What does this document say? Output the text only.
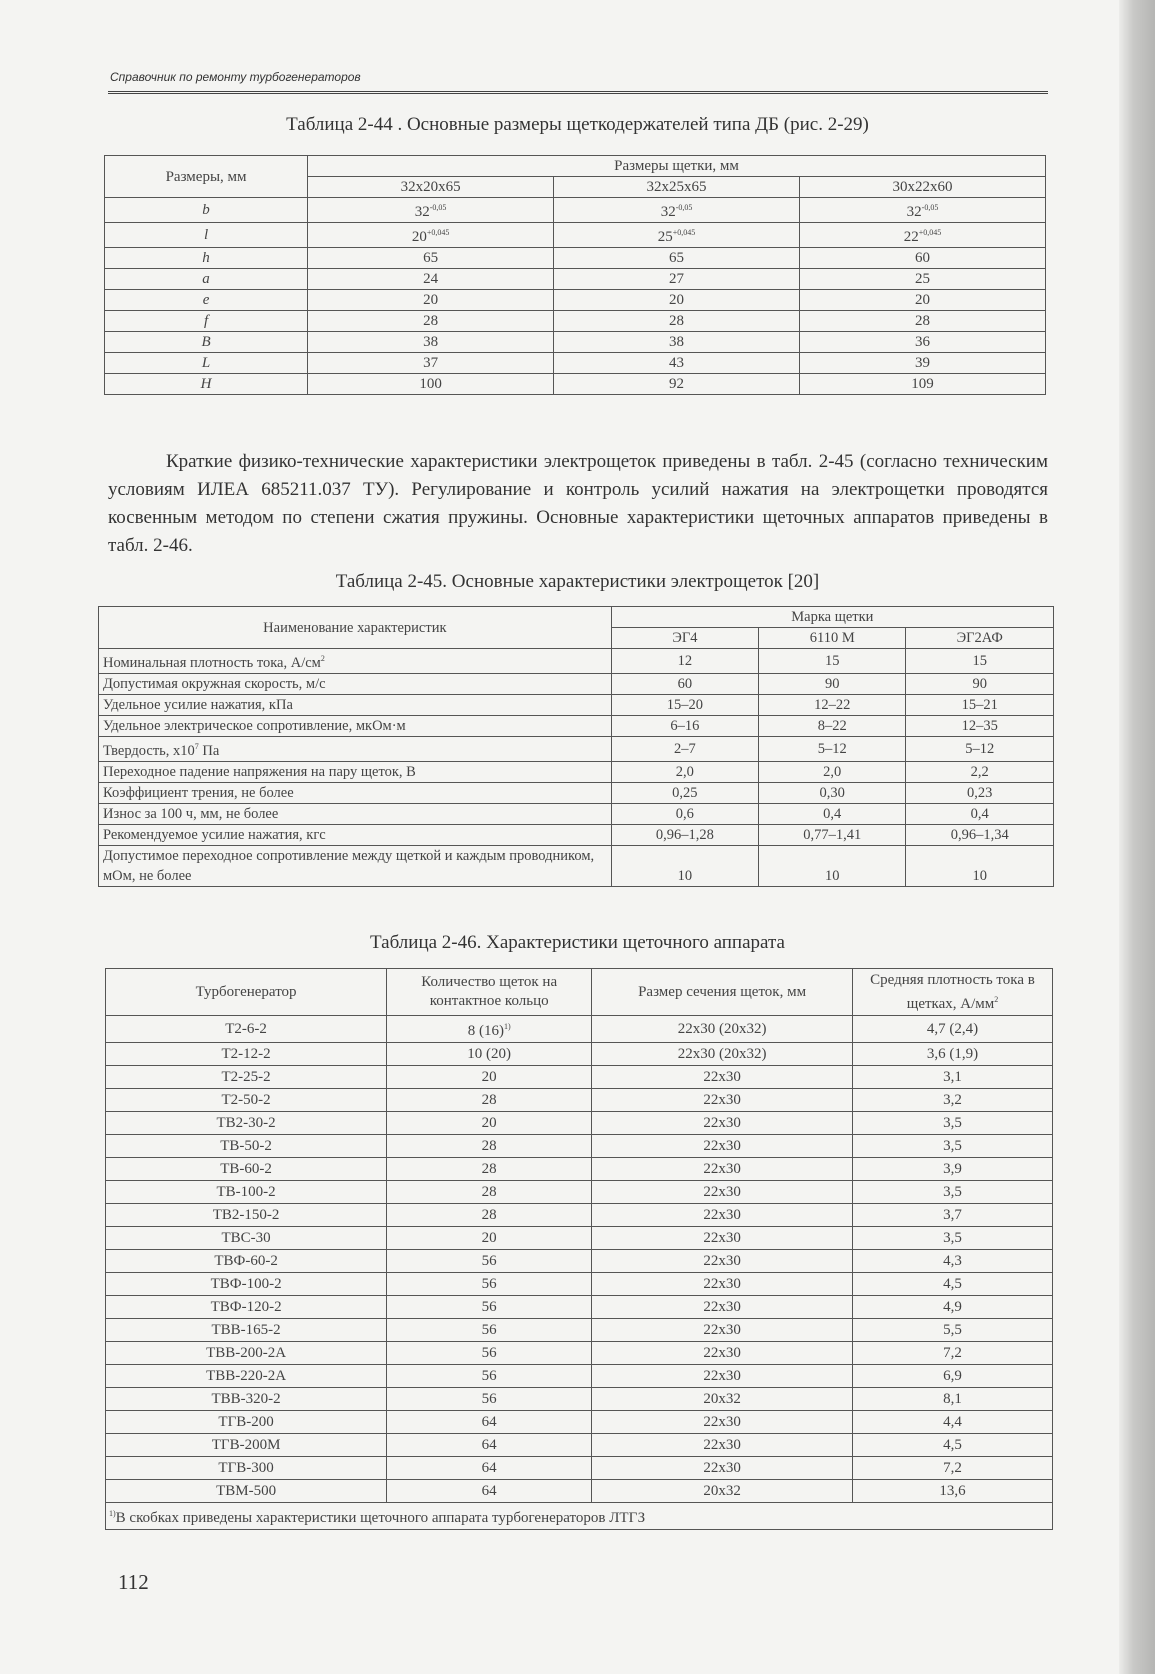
Справочник по ремонту турбогенераторов
Таблица 2-44 . Основные размеры щеткодержателей типа ДБ (рис. 2-29)
Размеры, мм	Размеры щетки, мм		
	32x20x65	32x25x65	30x22x60
b	$32^{-0,05}$	$32^{-0,05}$	$32^{-0,05}$
l	$20^{+0,045}$	$25^{+0,045}$	$22^{+0,045}$
h	65	65	60
a	24	27	25
e	20	20	20
f	28	28	28
B	38	38	36
L	37	43	39
H	100	92	109

Краткие физико-технические характеристики электрощеток приведены в табл. 2-45 (согласно техническим условиям ИЛЕА 685211.037 ТУ). Регулирование и контроль усилий нажатия на электрощетки проводятся косвенным методом по степени сжатия пружины. Основные характеристики щеточных аппаратов приведены в табл. 2-46.

Таблица 2-45. Основные характеристики электрощеток [20]
Наименование характеристик	Марка щетки		
	ЭГ4	6110 М	ЭГ2АФ
Номинальная плотность тока, $А/см^2$	12	15	15
Допустимая окружная скорость, м/с	60	90	90
Удельное усилие нажатия, кПа	15–20	12–22	15–21
Удельное электрическое сопротивление, мкОм·м	6–16	8–22	12–35
Твердость, $х10^7$ Па	2–7	5–12	5–12
Переходное падение напряжения на пару щеток, В	2,0	2,0	2,2
Коэффициент трения, не более	0,25	0,30	0,23
Износ за 100 ч, мм, не более	0,6	0,4	0,4
Рекомендуемое усилие нажатия, кгс	0,96–1,28	0,77–1,41	0,96–1,34
Допустимое переходное сопротивление между щеткой и каждым проводником, мОм, не более	10	10	10
Таблица 2-46. Характеристики щеточного аппарата
Турбогенератор	Количество щеток на контактное кольцо	Размер сечения щеток, мм	Средняя плотность тока в щетках, $А/мм^2$
Т2-6-2	8 $(16)^{1)}$	22х30 (20х32)	4,7 (2,4)
Т2-12-2	10 (20)	22х30 (20х32)	3,6 (1,9)
Т2-25-2	20	22х30	3,1
Т2-50-2	28	22х30	3,2
ТВ2-30-2	20	22х30	3,5
ТВ-50-2	28	22х30	3,5
ТВ-60-2	28	22х30	3,9
ТВ-100-2	28	22х30	3,5
ТВ2-150-2	28	22х30	3,7
ТВС-30	20	22х30	3,5
ТВФ-60-2	56	22х30	4,3
ТВФ-100-2	56	22х30	4,5
ТВФ-120-2	56	22х30	4,9
ТВВ-165-2	56	22х30	5,5
ТВВ-200-2А	56	22х30	7,2
ТВВ-220-2А	56	22х30	6,9
ТВВ-320-2	56	20х32	8,1
ТГВ-200	64	22х30	4,4
ТГВ-200М	64	22х30	4,5
ТГВ-300	64	22х30	7,2
ТВМ-500	64	20х32	13,6
$^{1)}$В скобках приведены характеристики щеточного аппарата турбогенераторов ЛТГЗ			
112
